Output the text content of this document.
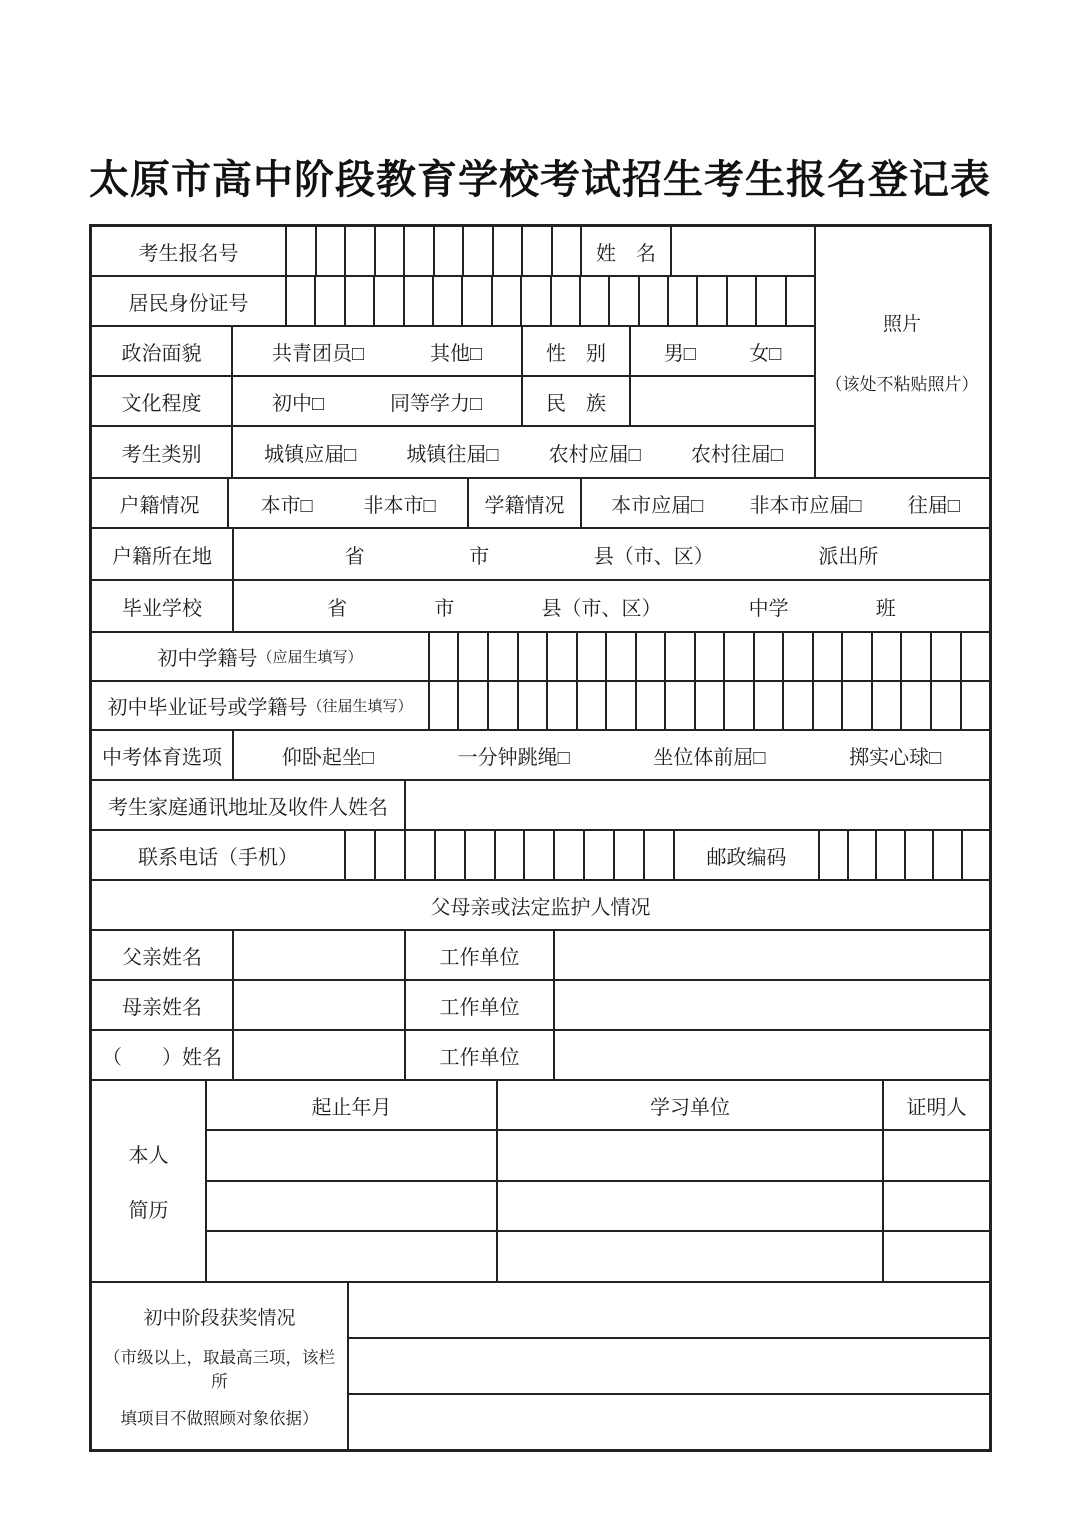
太原市高中阶段教育学校考试招生考生报名登记表
考生报名号	姓　名
居民身份证号
政治面貌	共青团员□	其他□	性　别	男□	女□
文化程度	初中□	同等学力□	民　族
考生类别	城镇应届□	城镇往届□	农村应届□	农村往届□
照片
（该处不粘贴照片）
户籍情况	本市□	非本市□	学籍情况	本市应届□ 非本市应届□ 往届□
户籍所在地	省	市	县（市、区）	派出所
毕业学校	省	市	县（市、区）	中学	班
初中学籍号 （应届生填写）
初中毕业证号或学籍号 （往届生填写）
中考体育选项	仰卧起坐□	一分钟跳绳□	坐位体前屈□	掷实心球□
考生家庭通讯地址及收件人姓名
联系电话（手机）	邮政编码
父母亲或法定监护人情况
父亲姓名	工作单位
母亲姓名	工作单位
（　　）姓名	工作单位
本人
简历
起止年月	学习单位	证明人
初中阶段获奖情况
（市级以上，取最高三项，该栏所
填项目不做照顾对象依据）
